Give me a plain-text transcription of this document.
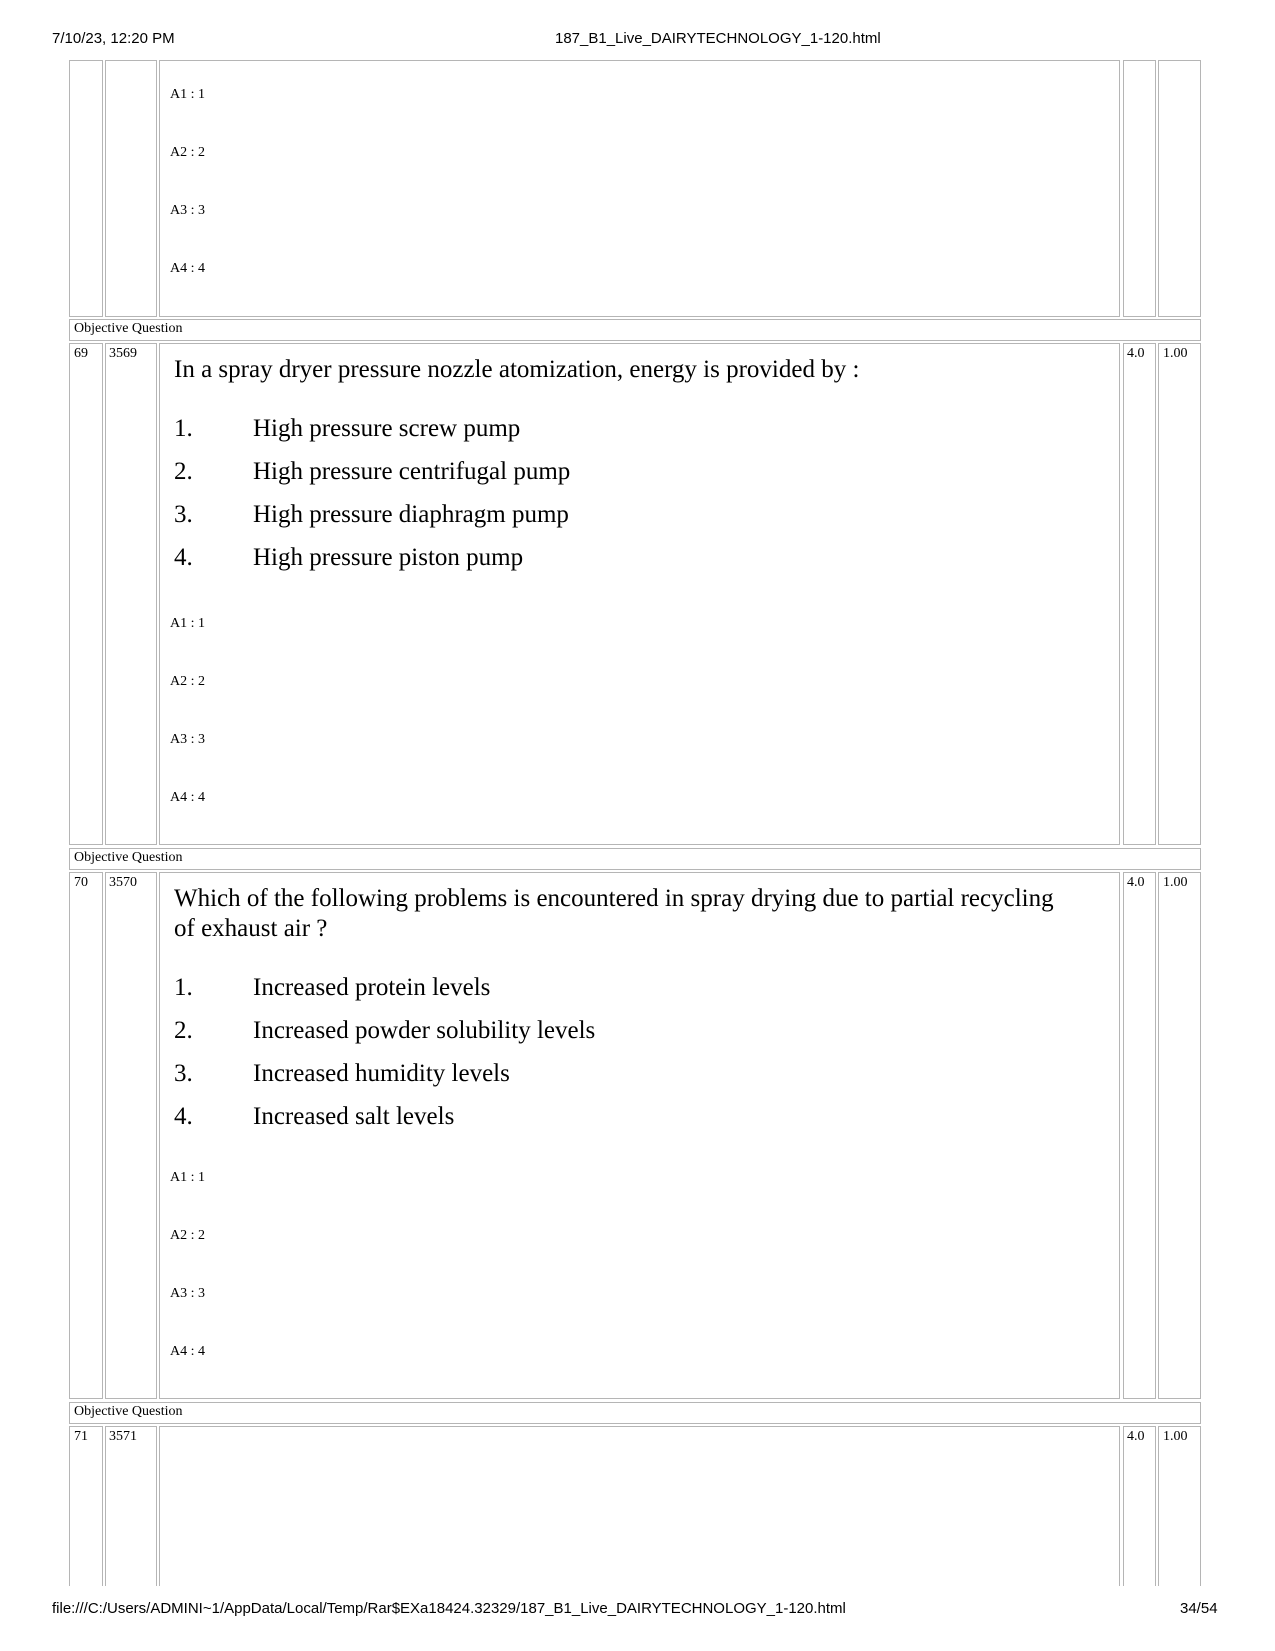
7/10/23, 12:20 PM	187_B1_Live_DAIRYTECHNOLOGY_1-120.html
A1 : 1
A2 : 2
A3 : 3
A4 : 4
Objective Question
69 3569	4.0 1.00
In a spray dryer pressure nozzle atomization, energy is provided by :
1. High pressure screw pump
2. High pressure centrifugal pump
3. High pressure diaphragm pump
4. High pressure piston pump
A1 : 1
A2 : 2
A3 : 3
A4 : 4
Objective Question
70 3570	4.0 1.00
Which of the following problems is encountered in spray drying due to partial recycling
of exhaust air ?
1. Increased protein levels
2. Increased powder solubility levels
3. Increased humidity levels
4. Increased salt levels
A1 : 1
A2 : 2
A3 : 3
A4 : 4
Objective Question
71 3571	4.0 1.00
file:///C:/Users/ADMINI~1/AppData/Local/Temp/Rar$EXa18424.32329/187_B1_Live_DAIRYTECHNOLOGY_1-120.html	34/54
